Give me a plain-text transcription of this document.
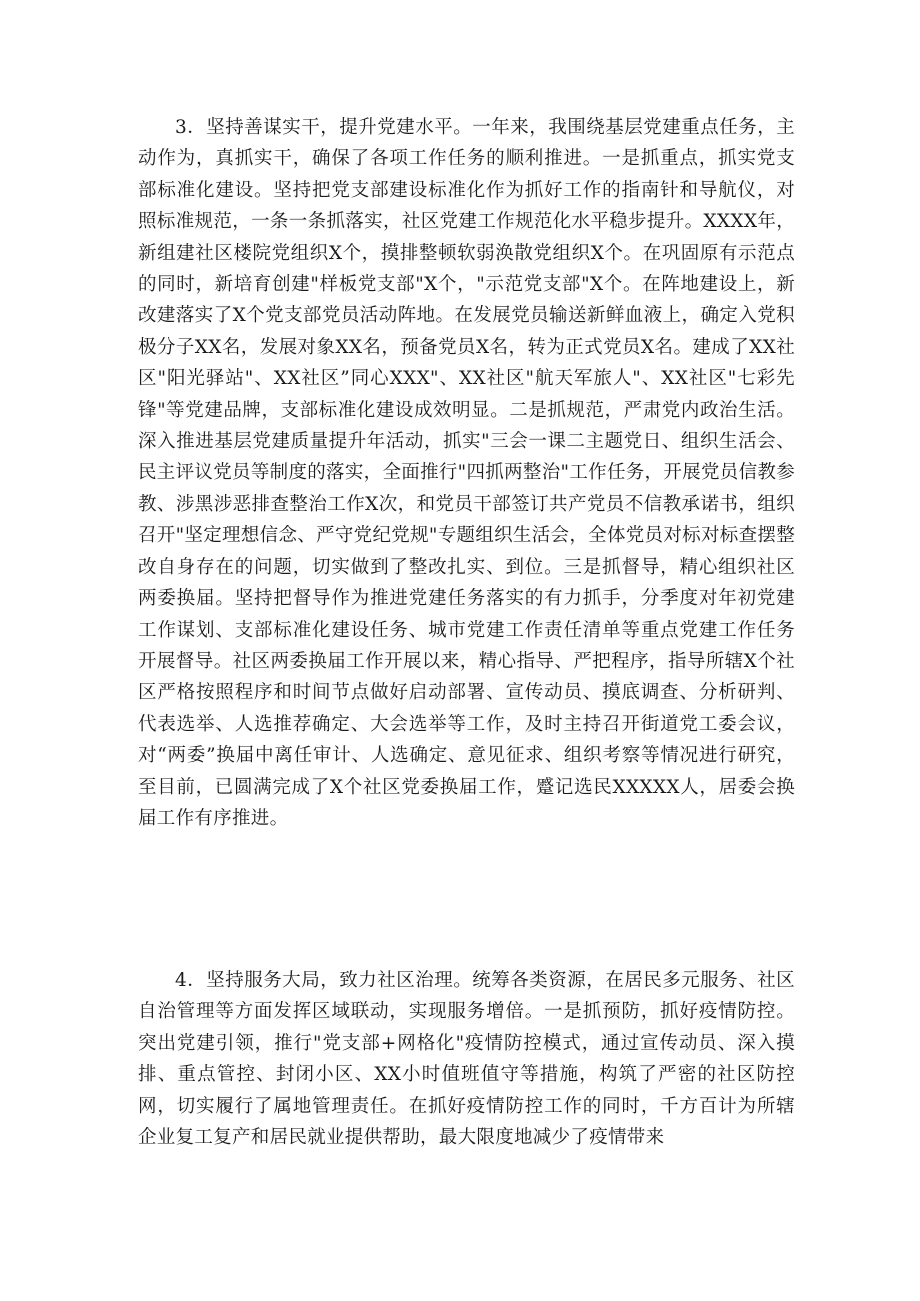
3．坚持善谋实干，提升党建水平。一年来，我围绕基层党建重点任务，主动作为，真抓实干，确保了各项工作任务的顺利推进。一是抓重点，抓实党支部标准化建设。坚持把党支部建设标准化作为抓好工作的指南针和导航仪，对照标准规范，一条一条抓落实，社区党建工作规范化水平稳步提升。XXXX年，新组建社区楼院党组织X个，摸排整顿软弱涣散党组织X个。在巩固原有示范点的同时，新培育创建"样板党支部"X个，"示范党支部"X个。在阵地建设上，新改建落实了X个党支部党员活动阵地。在发展党员输送新鲜血液上，确定入党积极分子XX名，发展对象XX名，预备党员X名，转为正式党员X名。建成了XX社区"阳光驿站"、XX社区”同心XXX"、XX社区"航天军旅人"、XX社区"七彩先锋"等党建品牌，支部标准化建设成效明显。二是抓规范，严肃党内政治生活。深入推进基层党建质量提升年活动，抓实"三会一课二主题党日、组织生活会、民主评议党员等制度的落实，全面推行"四抓两整治"工作任务，开展党员信教参教、涉黑涉恶排查整治工作X次，和党员干部签订共产党员不信教承诺书，组织召开"坚定理想信念、严守党纪党规"专题组织生活会，全体党员对标对标查摆整改自身存在的问题，切实做到了整改扎实、到位。三是抓督导，精心组织社区两委换届。坚持把督导作为推进党建任务落实的有力抓手，分季度对年初党建工作谋划、支部标准化建设任务、城市党建工作责任清单等重点党建工作任务开展督导。社区两委换届工作开展以来，精心指导、严把程序，指导所辖X个社区严格按照程序和时间节点做好启动部署、宣传动员、摸底调查、分析研判、代表选举、人选推荐确定、大会选举等工作，及时主持召开街道党工委会议，对“两委”换届中离任审计、人选确定、意见征求、组织考察等情况进行研究，至目前，已圆满完成了X个社区党委换届工作，蹙记选民XXXXX人，居委会换届工作有序推进。

4．坚持服务大局，致力社区治理。统筹各类资源，在居民多元服务、社区自治管理等方面发挥区域联动，实现服务增倍。一是抓预防，抓好疫情防控。突出党建引领，推行"党支部+网格化"疫情防控模式，通过宣传动员、深入摸排、重点管控、封闭小区、XX小时值班值守等措施，构筑了严密的社区防控网，切实履行了属地管理责任。在抓好疫情防控工作的同时，千方百计为所辖企业复工复产和居民就业提供帮助，最大限度地减少了疫情带来
